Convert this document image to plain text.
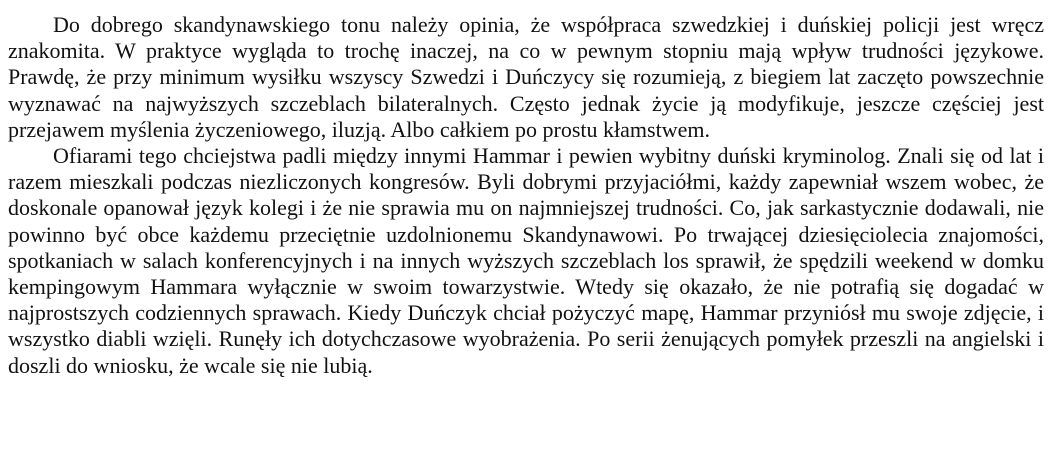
Do dobrego skandynawskiego tonu należy opinia, że współpraca szwedzkiej i duńskiej policji jest wręcz znakomita. W praktyce wygląda to trochę inaczej, na co w pewnym stopniu mają wpływ trudności językowe. Prawdę, że przy minimum wysiłku wszyscy Szwedzi i Duńczycy się rozumieją, z biegiem lat zaczęto powszechnie wyznawać na najwyższych szczeblach bilateralnych. Często jednak życie ją modyfikuje, jeszcze częściej jest przejawem myślenia życzeniowego, iluzją. Albo całkiem po prostu kłamstwem.

Ofiarami tego chciejstwa padli między innymi Hammar i pewien wybitny duński kryminolog. Znali się od lat i razem mieszkali podczas niezliczonych kongresów. Byli dobrymi przyjaciółmi, każdy zapewniał wszem wobec, że doskonale opanował język kolegi i że nie sprawia mu on najmniejszej trudności. Co, jak sarkastycznie dodawali, nie powinno być obce każdemu przeciętnie uzdolnionemu Skandynawowi. Po trwającej dziesięciolecia znajomości, spotkaniach w salach konferencyjnych i na innych wyższych szczeblach los sprawił, że spędzili weekend w domku kempingowym Hammara wyłącznie w swoim towarzystwie. Wtedy się okazało, że nie potrafią się dogadać w najprostszych codziennych sprawach. Kiedy Duńczyk chciał pożyczyć mapę, Hammar przyniósł mu swoje zdjęcie, i wszystko diabli wzięli. Runęły ich dotychczasowe wyobrażenia. Po serii żenujących pomyłek przeszli na angielski i doszli do wniosku, że wcale się nie lubią.
